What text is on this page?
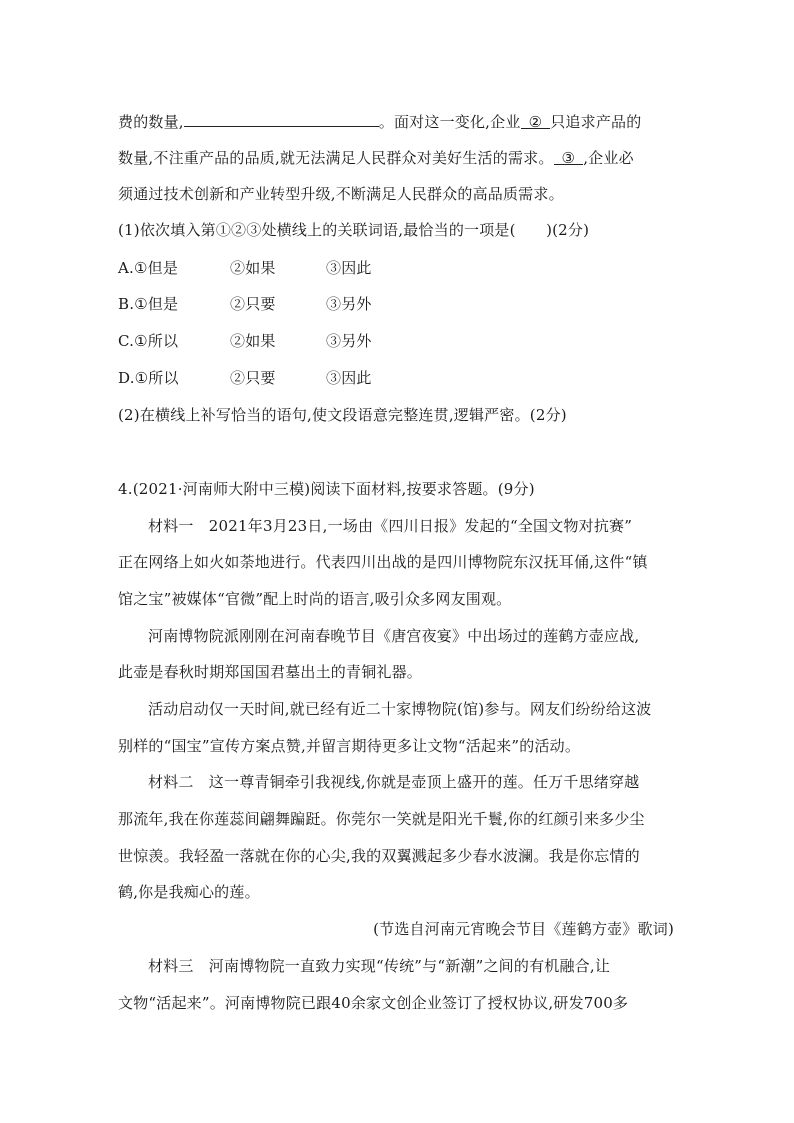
费的数量,	。面对这一变化,企业 ② 只追求产品的
数量,不注重产品的品质,就无法满足人民群众对美好生活的需求。 ③ ,企业必
须通过技术创新和产业转型升级,不断满足人民群众的高品质需求。
(1)依次填入第①②③处横线上的关联词语,最恰当的一项是(　　)(2分)
A.①但是	②如果	③因此
B.①但是	②只要	③另外
C.①所以	②如果	③另外
D.①所以	②只要	③因此
(2)在横线上补写恰当的语句,使文段语意完整连贯,逻辑严密。(2分)
4.(2021·河南师大附中三模)阅读下面材料,按要求答题。(9分)
材料一　2021年3月23日,一场由《四川日报》发起的“全国文物对抗赛”
正在网络上如火如荼地进行。代表四川出战的是四川博物院东汉抚耳俑,这件“镇
馆之宝”被媒体“官微”配上时尚的语言,吸引众多网友围观。
河南博物院派刚刚在河南春晚节目《唐宫夜宴》中出场过的莲鹤方壶应战,
此壶是春秋时期郑国国君墓出土的青铜礼器。
活动启动仅一天时间,就已经有近二十家博物院(馆)参与。网友们纷纷给这波
别样的“国宝”宣传方案点赞,并留言期待更多让文物“活起来”的活动。
材料二　这一尊青铜牵引我视线,你就是壶顶上盛开的莲。任万千思绪穿越
那流年,我在你莲蕊间翩舞蹁跹。你莞尔一笑就是阳光千鬟,你的红颜引来多少尘
世惊羡。我轻盈一落就在你的心尖,我的双翼溅起多少春水波澜。我是你忘情的
鹤,你是我痴心的莲。
(节选自河南元宵晚会节目《莲鹤方壶》歌词)
材料三　河南博物院一直致力实现“传统”与“新潮”之间的有机融合,让
文物“活起来”。河南博物院已跟40余家文创企业签订了授权协议,研发700多
